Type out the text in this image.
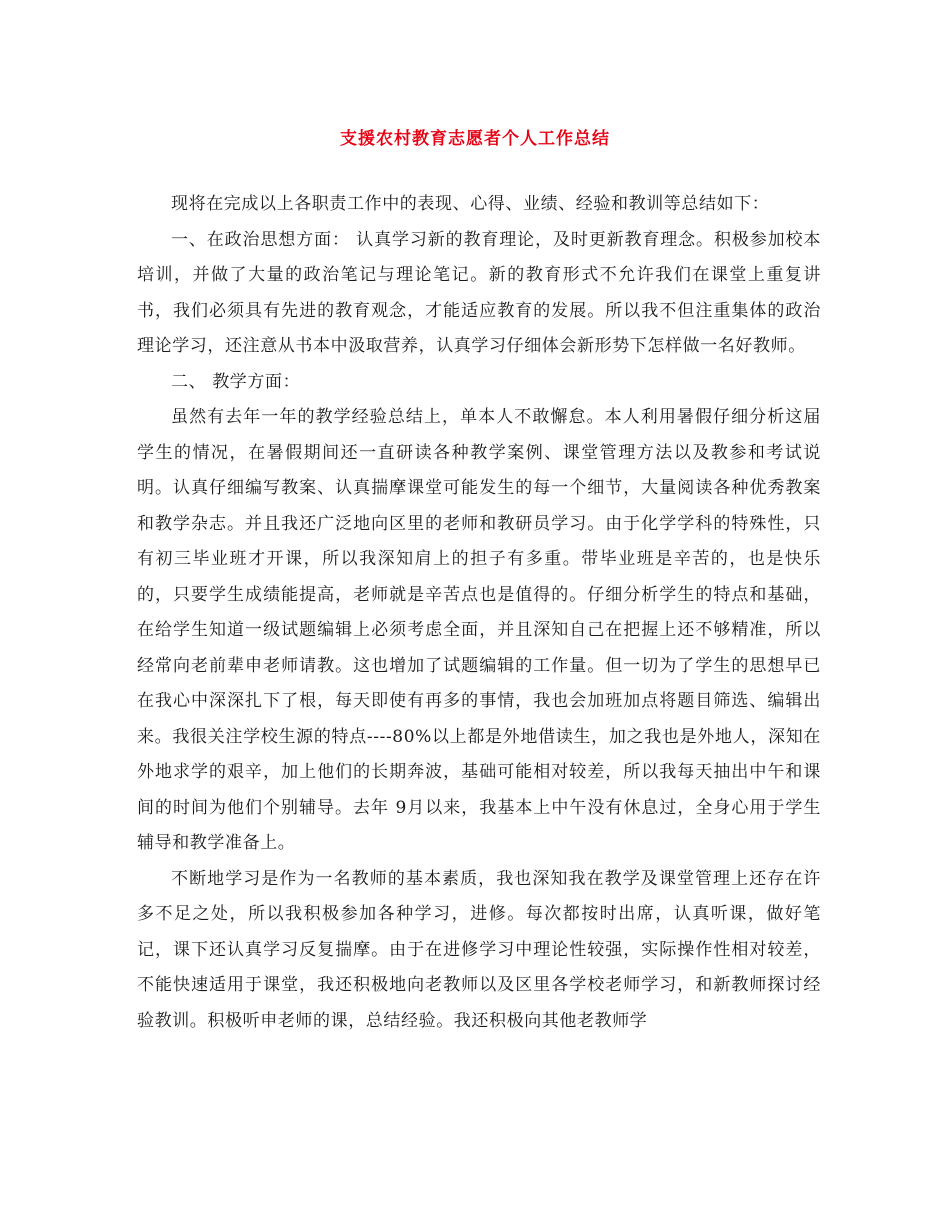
支援农村教育志愿者个人工作总结

现将在完成以上各职责工作中的表现、心得、业绩、经验和教训等总结如下：

一、在政治思想方面： 认真学习新的教育理论，及时更新教育理念。积极参加校本培训，并做了大量的政治笔记与理论笔记。新的教育形式不允许我们在课堂上重复讲书，我们必须具有先进的教育观念，才能适应教育的发展。所以我不但注重集体的政治理论学习，还注意从书本中汲取营养，认真学习仔细体会新形势下怎样做一名好教师。

二、 教学方面：

虽然有去年一年的教学经验总结上，单本人不敢懈怠。本人利用暑假仔细分析这届学生的情况，在暑假期间还一直研读各种教学案例、课堂管理方法以及教参和考试说明。认真仔细编写教案、认真揣摩课堂可能发生的每一个细节，大量阅读各种优秀教案和教学杂志。并且我还广泛地向区里的老师和教研员学习。由于化学学科的特殊性，只有初三毕业班才开课，所以我深知肩上的担子有多重。带毕业班是辛苦的，也是快乐的，只要学生成绩能提高，老师就是辛苦点也是值得的。仔细分析学生的特点和基础，在给学生知道一级试题编辑上必须考虑全面，并且深知自己在把握上还不够精准，所以经常向老前辈申老师请教。这也增加了试题编辑的工作量。但一切为了学生的思想早已在我心中深深扎下了根，每天即使有再多的事情，我也会加班加点将题目筛选、编辑出来。我很关注学校生源的特点----80%以上都是外地借读生，加之我也是外地人，深知在外地求学的艰辛，加上他们的长期奔波，基础可能相对较差，所以我每天抽出中午和课间的时间为他们个别辅导。去年 9月以来，我基本上中午没有休息过，全身心用于学生辅导和教学准备上。

不断地学习是作为一名教师的基本素质，我也深知我在教学及课堂管理上还存在许多不足之处，所以我积极参加各种学习，进修。每次都按时出席，认真听课，做好笔记，课下还认真学习反复揣摩。由于在进修学习中理论性较强，实际操作性相对较差，不能快速适用于课堂，我还积极地向老教师以及区里各学校老师学习，和新教师探讨经验教训。积极听申老师的课，总结经验。我还积极向其他老教师学
